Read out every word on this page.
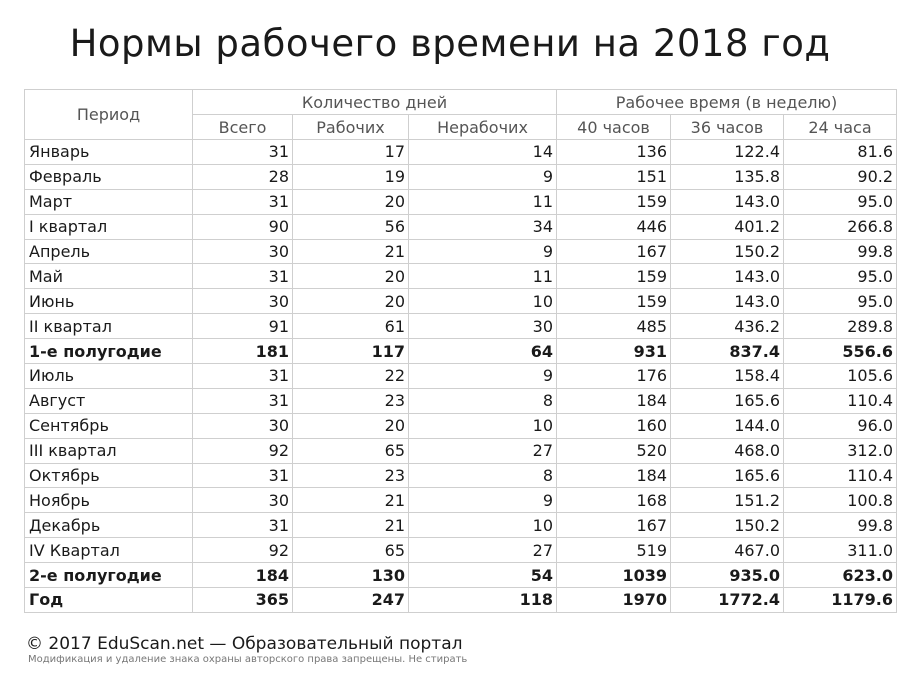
Нормы рабочего времени на 2018 год
Период	Количество дней			Рабочее время (в неделю)		
	Всего	Рабочих	Нерабочих	40 часов	36 часов	24 часа
Январь	31	17	14	136	122.4	81.6
Февраль	28	19	9	151	135.8	90.2
Март	31	20	11	159	143.0	95.0
I квартал	90	56	34	446	401.2	266.8
Апрель	30	21	9	167	150.2	99.8
Май	31	20	11	159	143.0	95.0
Июнь	30	20	10	159	143.0	95.0
II квартал	91	61	30	485	436.2	289.8
1-е полугодие	181	117	64	931	837.4	556.6
Июль	31	22	9	176	158.4	105.6
Август	31	23	8	184	165.6	110.4
Сентябрь	30	20	10	160	144.0	96.0
III квартал	92	65	27	520	468.0	312.0
Октябрь	31	23	8	184	165.6	110.4
Ноябрь	30	21	9	168	151.2	100.8
Декабрь	31	21	10	167	150.2	99.8
IV Квартал	92	65	27	519	467.0	311.0
2-е полугодие	184	130	54	1039	935.0	623.0
Год	365	247	118	1970	1772.4	1179.6
© 2017 EduScan.net — Образовательный портал
Модификация и удаление знака охраны авторского права запрещены. Не стирать
